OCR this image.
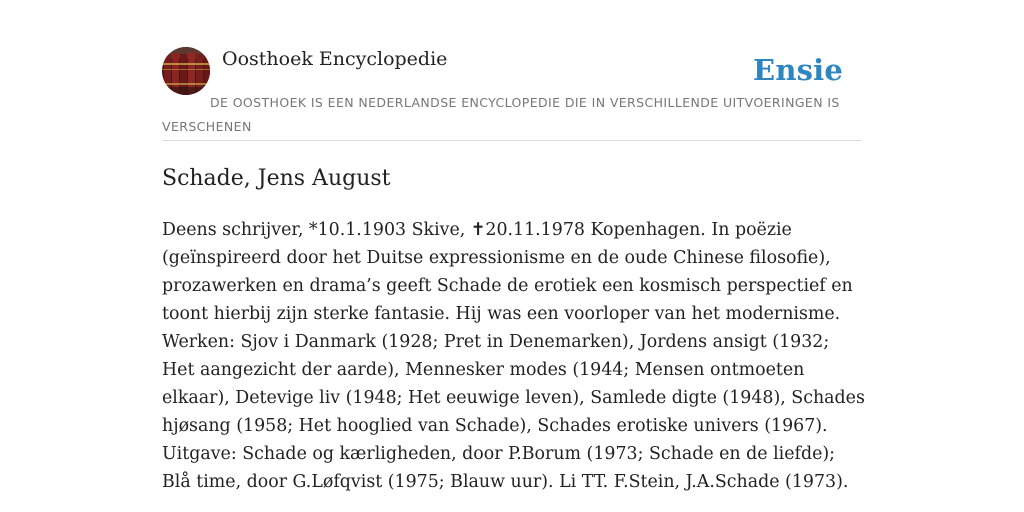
Oosthoek Encyclopedie	Ensie
DE OOSTHOEK IS EEN NEDERLANDSE ENCYCLOPEDIE DIE IN VERSCHILLENDE UITVOERINGEN IS VERSCHENEN
Schade, Jens August

Deens schrijver, *10.1.1903 Skive, ✝20.11.1978 Kopenhagen. In poëzie (geïnspireerd door het Duitse expressionisme en de oude Chinese filosofie), prozawerken en drama’s geeft Schade de erotiek een kosmisch perspectief en toont hierbij zijn sterke fantasie. Hij was een voorloper van het modernisme. Werken: Sjov i Danmark (1928; Pret in Denemarken), Jordens ansigt (1932; Het aangezicht der aarde), Mennesker modes (1944; Mensen ontmoeten elkaar), Detevige liv (1948; Het eeuwige leven), Samlede digte (1948), Schades hjøsang (1958; Het hooglied van Schade), Schades erotiske univers (1967). Uitgave: Schade og kærligheden, door P.Borum (1973; Schade en de liefde); Blå time, door G.Løfqvist (1975; Blauw uur). Li TT. F.Stein, J.A.Schade (1973).
